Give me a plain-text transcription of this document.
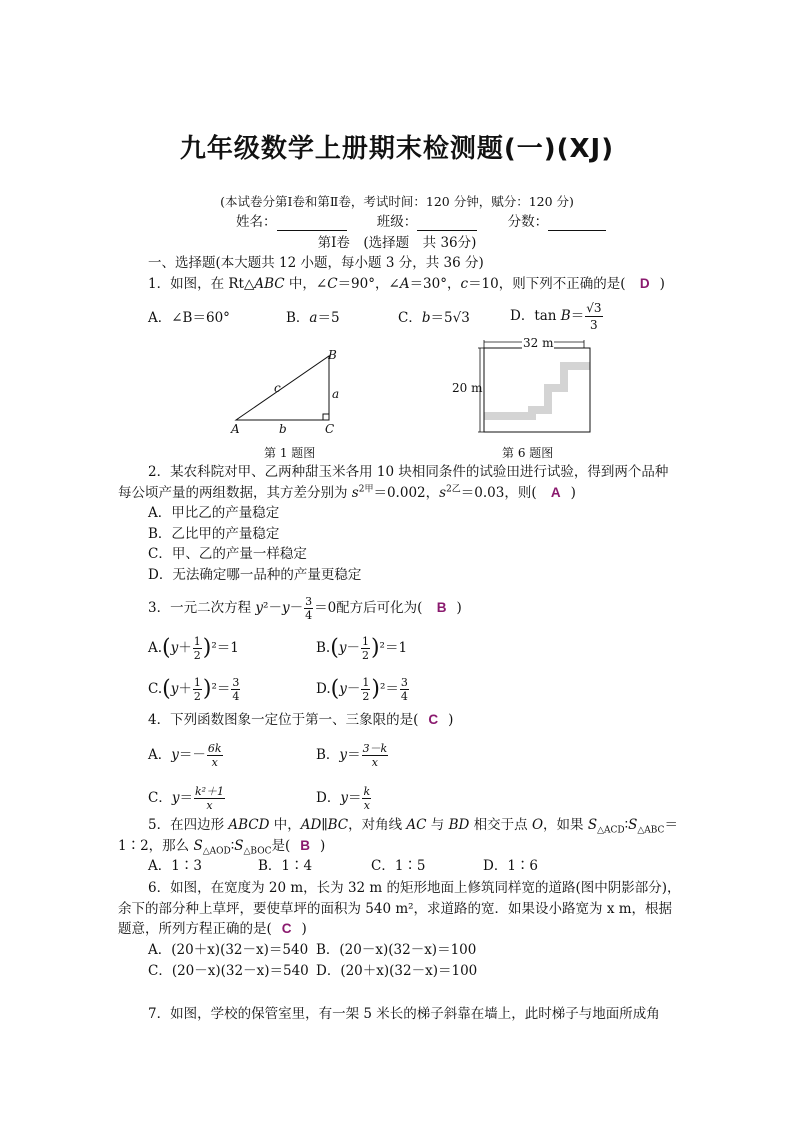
九年级数学上册期末检测题(一)(XJ)
(本试卷分第Ⅰ卷和第Ⅱ卷，考试时间：120 分钟，赋分：120 分)
姓名：	班级：	分数：
第Ⅰ卷　(选择题　共 36分)
一、选择题(本大题共 12 小题，每小题 3 分，共 36 分)
1．如图，在 Rt△ABC 中，∠C＝90°，∠A＝30°，c＝10，则下列不正确的是( D )
A．∠B＝60°	B．a＝5	C．b＝5√3	D．$\tan B= \frac{√3}{3}$
A	C
B
c	a
b
第 1 题图
32 m
20 m
第 6 题图
2．某农科院对甲、乙两种甜玉米各用 10 块相同条件的试验田进行试验，得到两个品种
每公顷产量的两组数据，其方差分别为 $s^{2甲}=0.002$，$s^{2乙}=0.03$，则( A )
A．甲比乙的产量稳定
B．乙比甲的产量稳定
C．甲、乙的产量一样稳定
D．无法确定哪一品种的产量更稳定
3．一元二次方程 $y^2-y- \frac{3}{4} =0$配方后可化为( B )
$A.(y+ \frac{1}{2} )^2=1$	$B.(y- \frac{1}{2} )^2=1$
$C.(y+ \frac{1}{2} )^2= \frac{3}{4}$	$D.(y- \frac{1}{2} )^2= \frac{3}{4}$
4．下列函数图象一定位于第一、三象限的是( C )
A．$y=- \frac{6k}{x}$	B．$y= \frac{3-k}{x}$
C．$y= \frac{\text{k²＋1}}{x}$	D．$y= \frac{k}{x}$
5．在四边形 ABCD 中，AD∥BC，对角线 AC 与 BD 相交于点 O，如果 $S_{\triangle ACD}∶S_{\triangle ABC}=$
1∶2，那么 $S_{\triangle AOD}∶S_{\triangle BOC}$是( B )
A．1∶3	B．1∶4	C．1∶5	D．1∶6
6．如图，在宽度为 20 m，长为 32 m 的矩形地面上修筑同样宽的道路(图中阴影部分)，
余下的部分种上草坪，要使草坪的面积为 540 m²，求道路的宽．如果设小路宽为 x m，根据
题意，所列方程正确的是( C )
A．(20＋x)(32－x)＝540 B．(20－x)(32－x)＝100
C．(20－x)(32－x)＝540 D．(20＋x)(32－x)＝100
7．如图，学校的保管室里，有一架 5 米长的梯子斜靠在墙上，此时梯子与地面所成角
